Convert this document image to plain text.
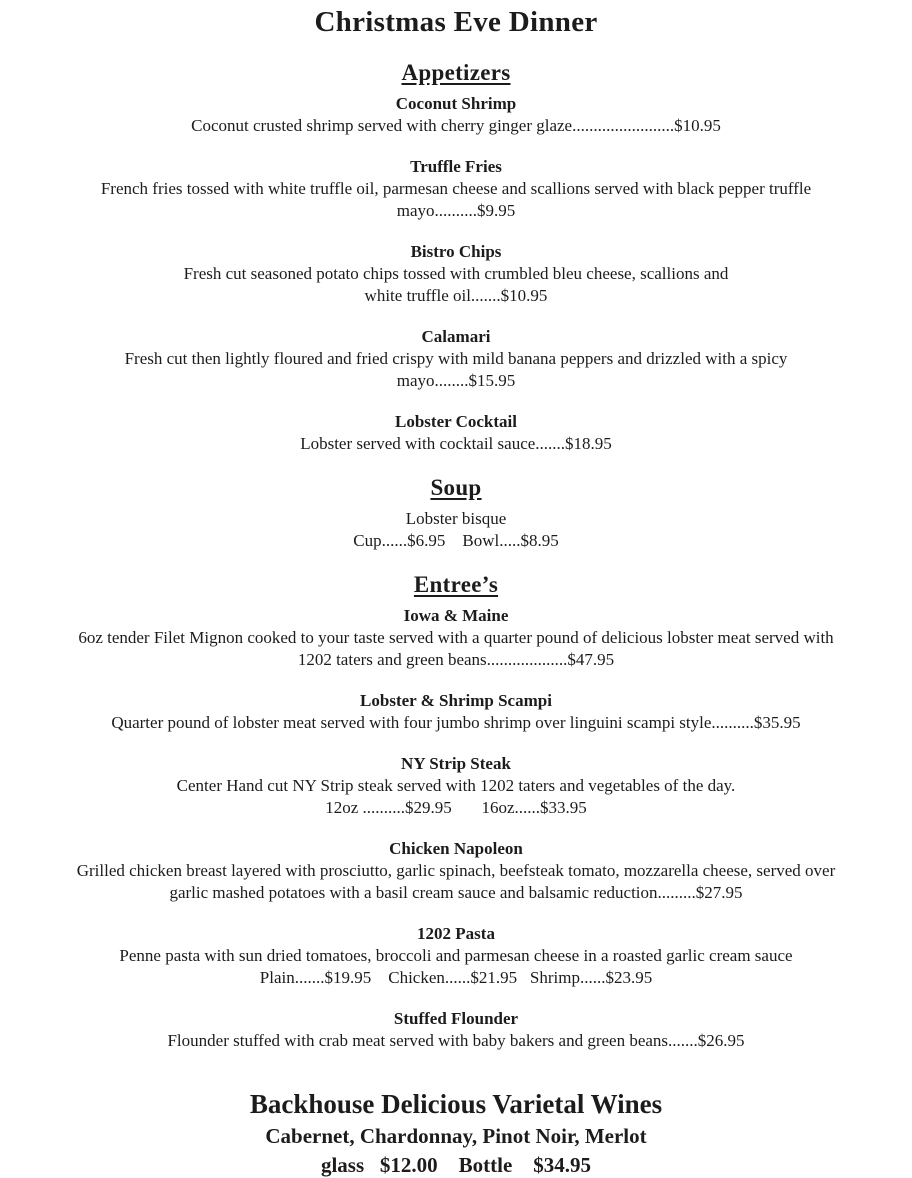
Christmas Eve Dinner
Appetizers
Coconut Shrimp
Coconut crusted shrimp served with cherry ginger glaze........................$10.95
Truffle Fries
French fries tossed with white truffle oil, parmesan cheese and scallions served with black pepper truffle
mayo..........$9.95
Bistro Chips
Fresh cut seasoned potato chips tossed with crumbled bleu cheese, scallions and
white truffle oil.......$10.95
Calamari
Fresh cut then lightly floured and fried crispy with mild banana peppers and drizzled with a spicy
mayo........$15.95
Lobster Cocktail
Lobster served with cocktail sauce.......$18.95
Soup
Lobster bisque
Cup......$6.95    Bowl.....$8.95
Entree’s
Iowa & Maine
6oz tender Filet Mignon cooked to your taste served with a quarter pound of delicious lobster meat served with
1202 taters and green beans...................$47.95
Lobster & Shrimp Scampi
Quarter pound of lobster meat served with four jumbo shrimp over linguini scampi style..........$35.95
NY Strip Steak
Center Hand cut NY Strip steak served with 1202 taters and vegetables of the day.
12oz ..........$29.95       16oz......$33.95
Chicken Napoleon
Grilled chicken breast layered with prosciutto, garlic spinach, beefsteak tomato, mozzarella cheese, served over
garlic mashed potatoes with a basil cream sauce and balsamic reduction.........$27.95
1202 Pasta
Penne pasta with sun dried tomatoes, broccoli and parmesan cheese in a roasted garlic cream sauce
Plain.......$19.95    Chicken......$21.95   Shrimp......$23.95
Stuffed Flounder
Flounder stuffed with crab meat served with baby bakers and green beans.......$26.95
Backhouse Delicious Varietal Wines
Cabernet, Chardonnay, Pinot Noir, Merlot
glass   $12.00    Bottle    $34.95
